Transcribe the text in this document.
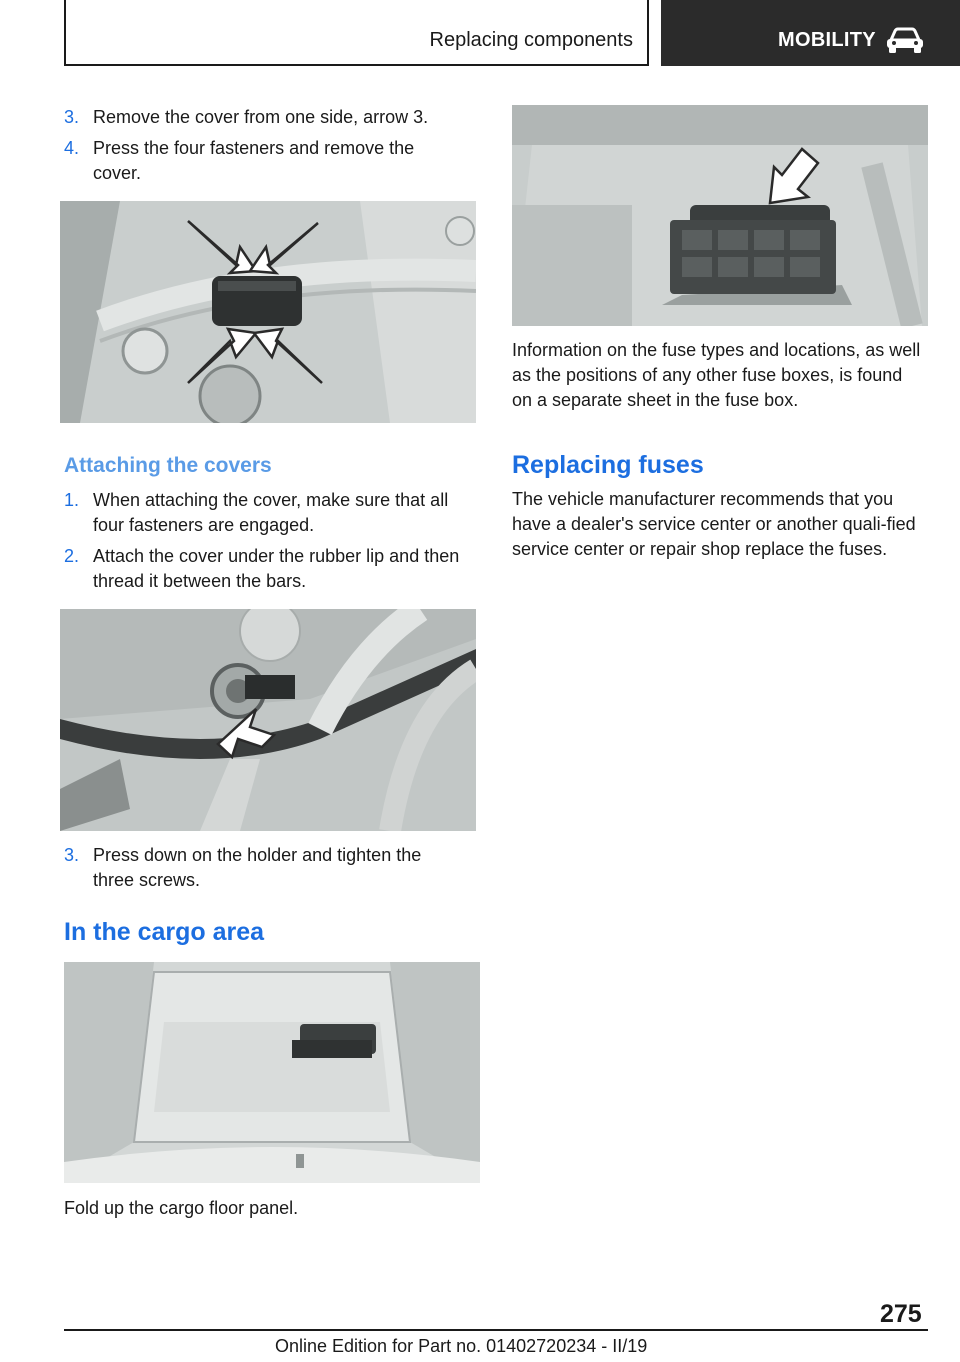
Replacing components	MOBILITY
3. Remove the cover from one side, arrow 3.
4. Press the four fasteners and remove the cover.
Attaching the covers
1. When attaching the cover, make sure that all four fasteners are engaged.
2. Attach the cover under the rubber lip and then thread it between the bars.
3. Press down on the holder and tighten the three screws.
In the cargo area
Fold up the cargo floor panel.
Information on the fuse types and locations, as well as the positions of any other fuse boxes, is found on a separate sheet in the fuse box.
Replacing fuses
The vehicle manufacturer recommends that you have a dealer's service center or another quali‐fied service center or repair shop replace the fuses.
275
Online Edition for Part no. 01402720234 - II/19
